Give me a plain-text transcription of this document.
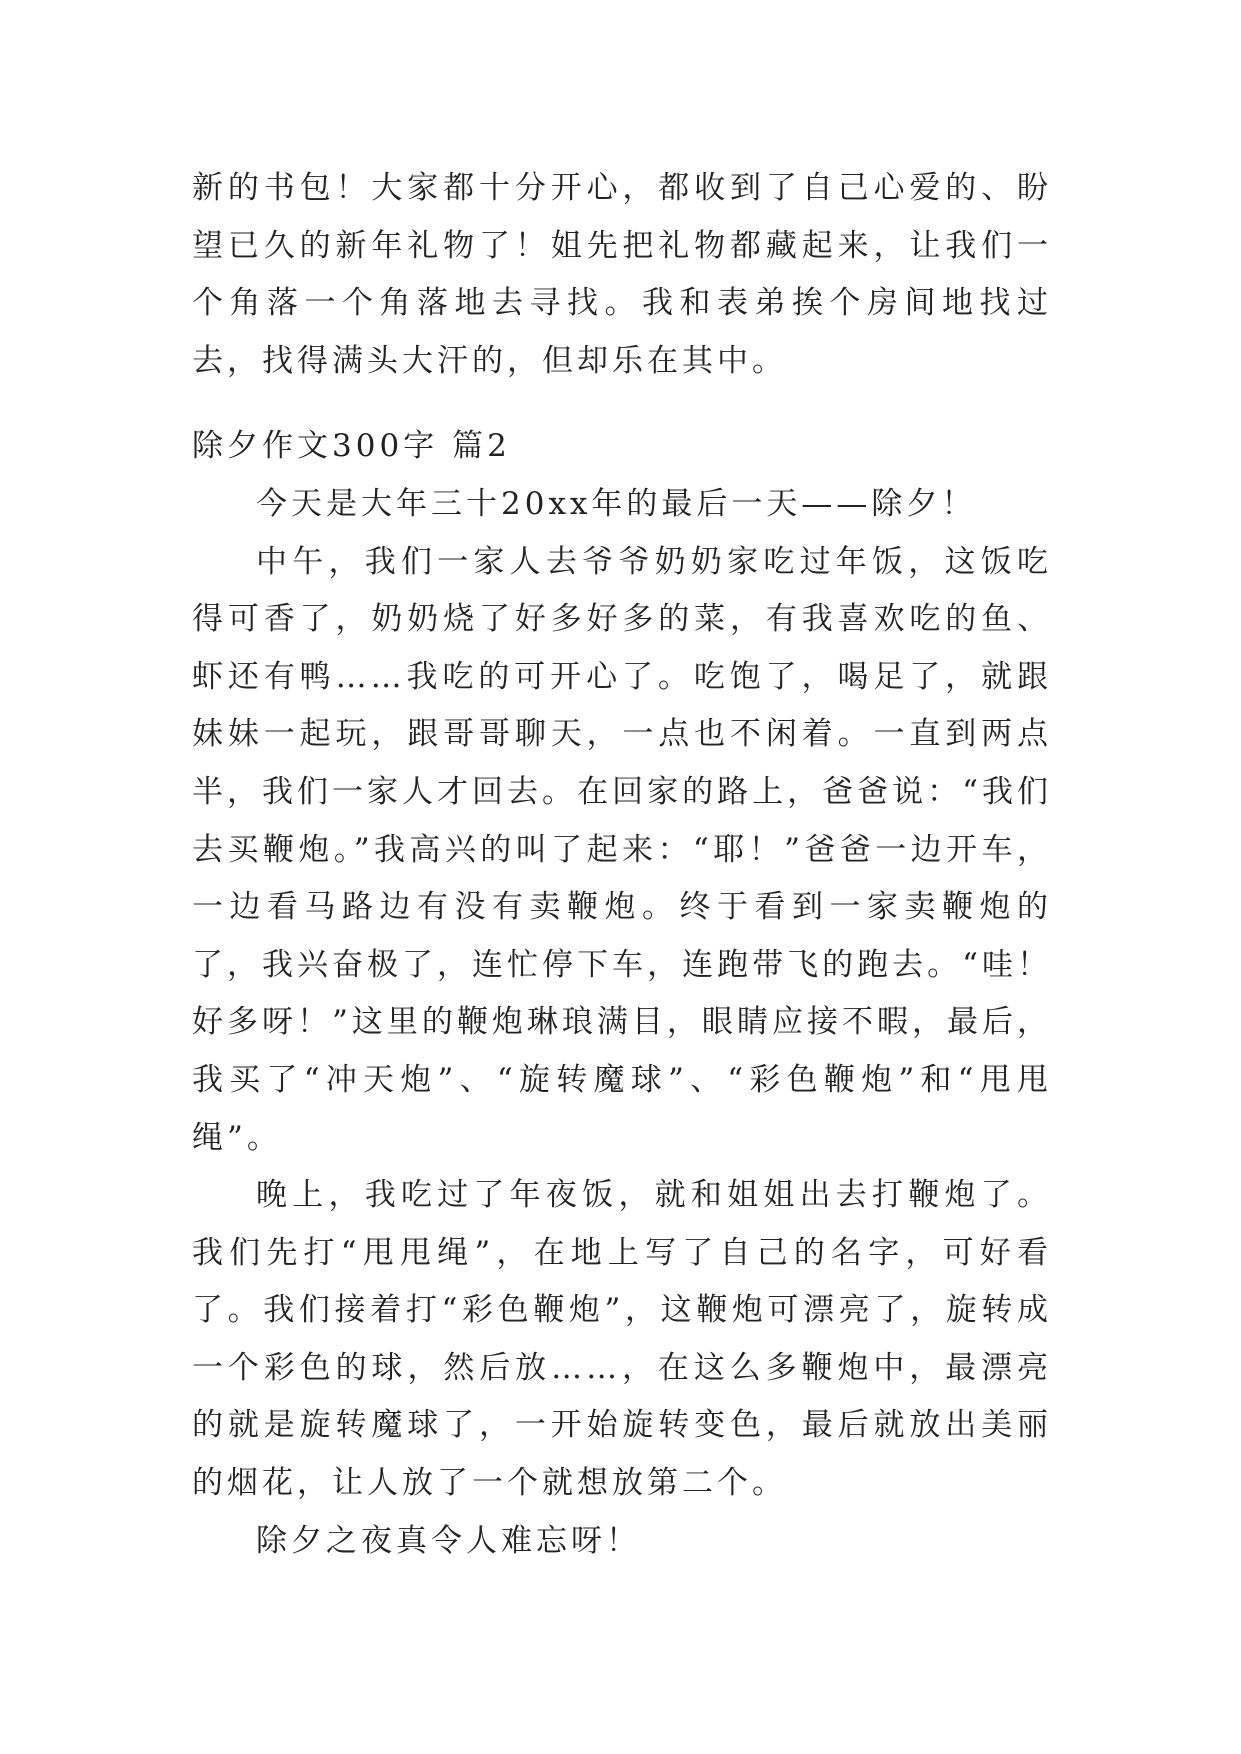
新的书包！大家都十分开心，都收到了自己心爱的、盼望已久的新年礼物了！姐先把礼物都藏起来，让我们一个角落一个角落地去寻找。我和表弟挨个房间地找过去，找得满头大汗的，但却乐在其中。

除夕作文300字 篇2

今天是大年三十20xx年的最后一天——除夕！

中午，我们一家人去爷爷奶奶家吃过年饭，这饭吃得可香了，奶奶烧了好多好多的菜，有我喜欢吃的鱼、虾还有鸭……我吃的可开心了。吃饱了，喝足了，就跟妹妹一起玩，跟哥哥聊天，一点也不闲着。一直到两点半，我们一家人才回去。在回家的路上，爸爸说：“我们去买鞭炮。”我高兴的叫了起来：“耶！”爸爸一边开车，一边看马路边有没有卖鞭炮。终于看到一家卖鞭炮的了，我兴奋极了，连忙停下车，连跑带飞的跑去。“哇！好多呀！”这里的鞭炮琳琅满目，眼睛应接不暇，最后，我买了“冲天炮”、“旋转魔球”、“彩色鞭炮”和“甩甩绳”。

晚上，我吃过了年夜饭，就和姐姐出去打鞭炮了。我们先打“甩甩绳”，在地上写了自己的名字，可好看了。我们接着打“彩色鞭炮”，这鞭炮可漂亮了，旋转成一个彩色的球，然后放……，在这么多鞭炮中，最漂亮的就是旋转魔球了，一开始旋转变色，最后就放出美丽的烟花，让人放了一个就想放第二个。

除夕之夜真令人难忘呀！
